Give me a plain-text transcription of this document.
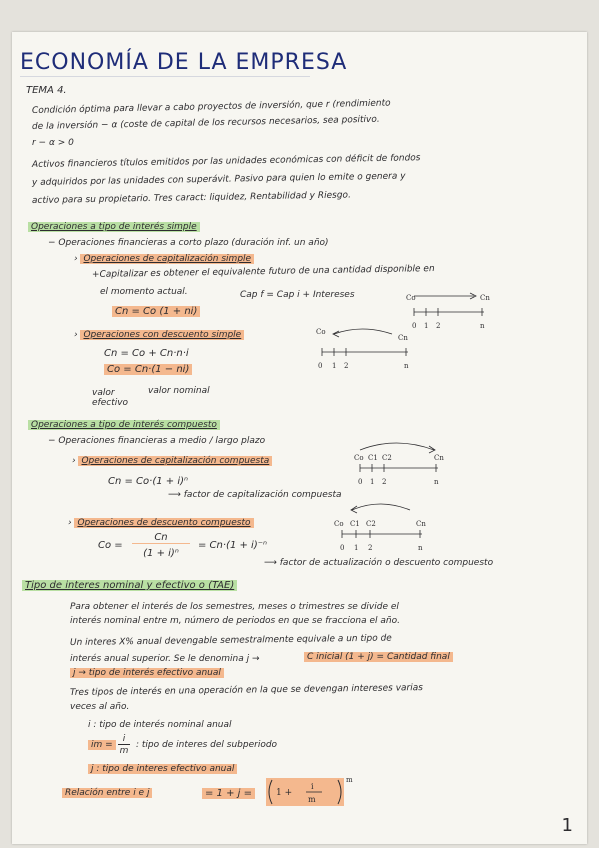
ECONOMÍA DE LA EMPRESA
TEMA 4.
Condición óptima para llevar a cabo proyectos de inversión, que r (rendimiento
de la inversión − α (coste de capital de los recursos necesarios, sea positivo.
r − α > 0
Activos financieros títulos emitidos por las unidades económicas con déficit de fondos
y adquiridos por las unidades con superávit. Pasivo para quien lo emite o genera y
activo para su propietario. Tres caract: liquidez, Rentabilidad y Riesgo.
Operaciones a tipo de interés simple
− Operaciones financieras a corto plazo (duración inf. un año)
› Operaciones de capitalización simple
+Capitalizar es obtener el equivalente futuro de una cantidad disponible en
el momento actual.	Cap f = Cap i + Intereses
Cn = Co (1 + ni)
Co	Cn
0 1 2	n
› Operaciones con descuento simple
Cn = Co + Cn·n·i
Co = Cn·(1 − ni)
valor efectivo
valor nominal
Co
Cn
0 1 2	n
Operaciones a tipo de interés compuesto
− Operaciones financieras a medio / largo plazo
› Operaciones de capitalización compuesta
Cn = Co·(1 + i)ⁿ
⟶ factor de capitalización compuesta
Co C1 C2	Cn
0 1 2	n
› Operaciones de descuento compuesto
Co =
Cn
(1 + i)ⁿ
= Cn·(1 + i)⁻ⁿ
⟶ factor de actualización o descuento compuesto
Co C1 C2	Cn
0 1 2	n
Tipo de interes nominal y efectivo o (TAE)
Para obtener el interés de los semestres, meses o trimestres se divide el
interés nominal entre m, número de periodos en que se fracciona el año.
Un interes X% anual devengable semestralmente equivale a un tipo de
interés anual superior. Se le denomina j →	C inicial (1 + j) = Cantidad final
j → tipo de interés efectivo anual
Tres tipos de interés en una operación en la que se devengan intereses varias
veces al año.
i : tipo de interés nominal anual
im =
i
m
: tipo de interes del subperiodo
j : tipo de interes efectivo anual
Relación entre i e j	= 1 + j =	1 +
i
m
m
1
